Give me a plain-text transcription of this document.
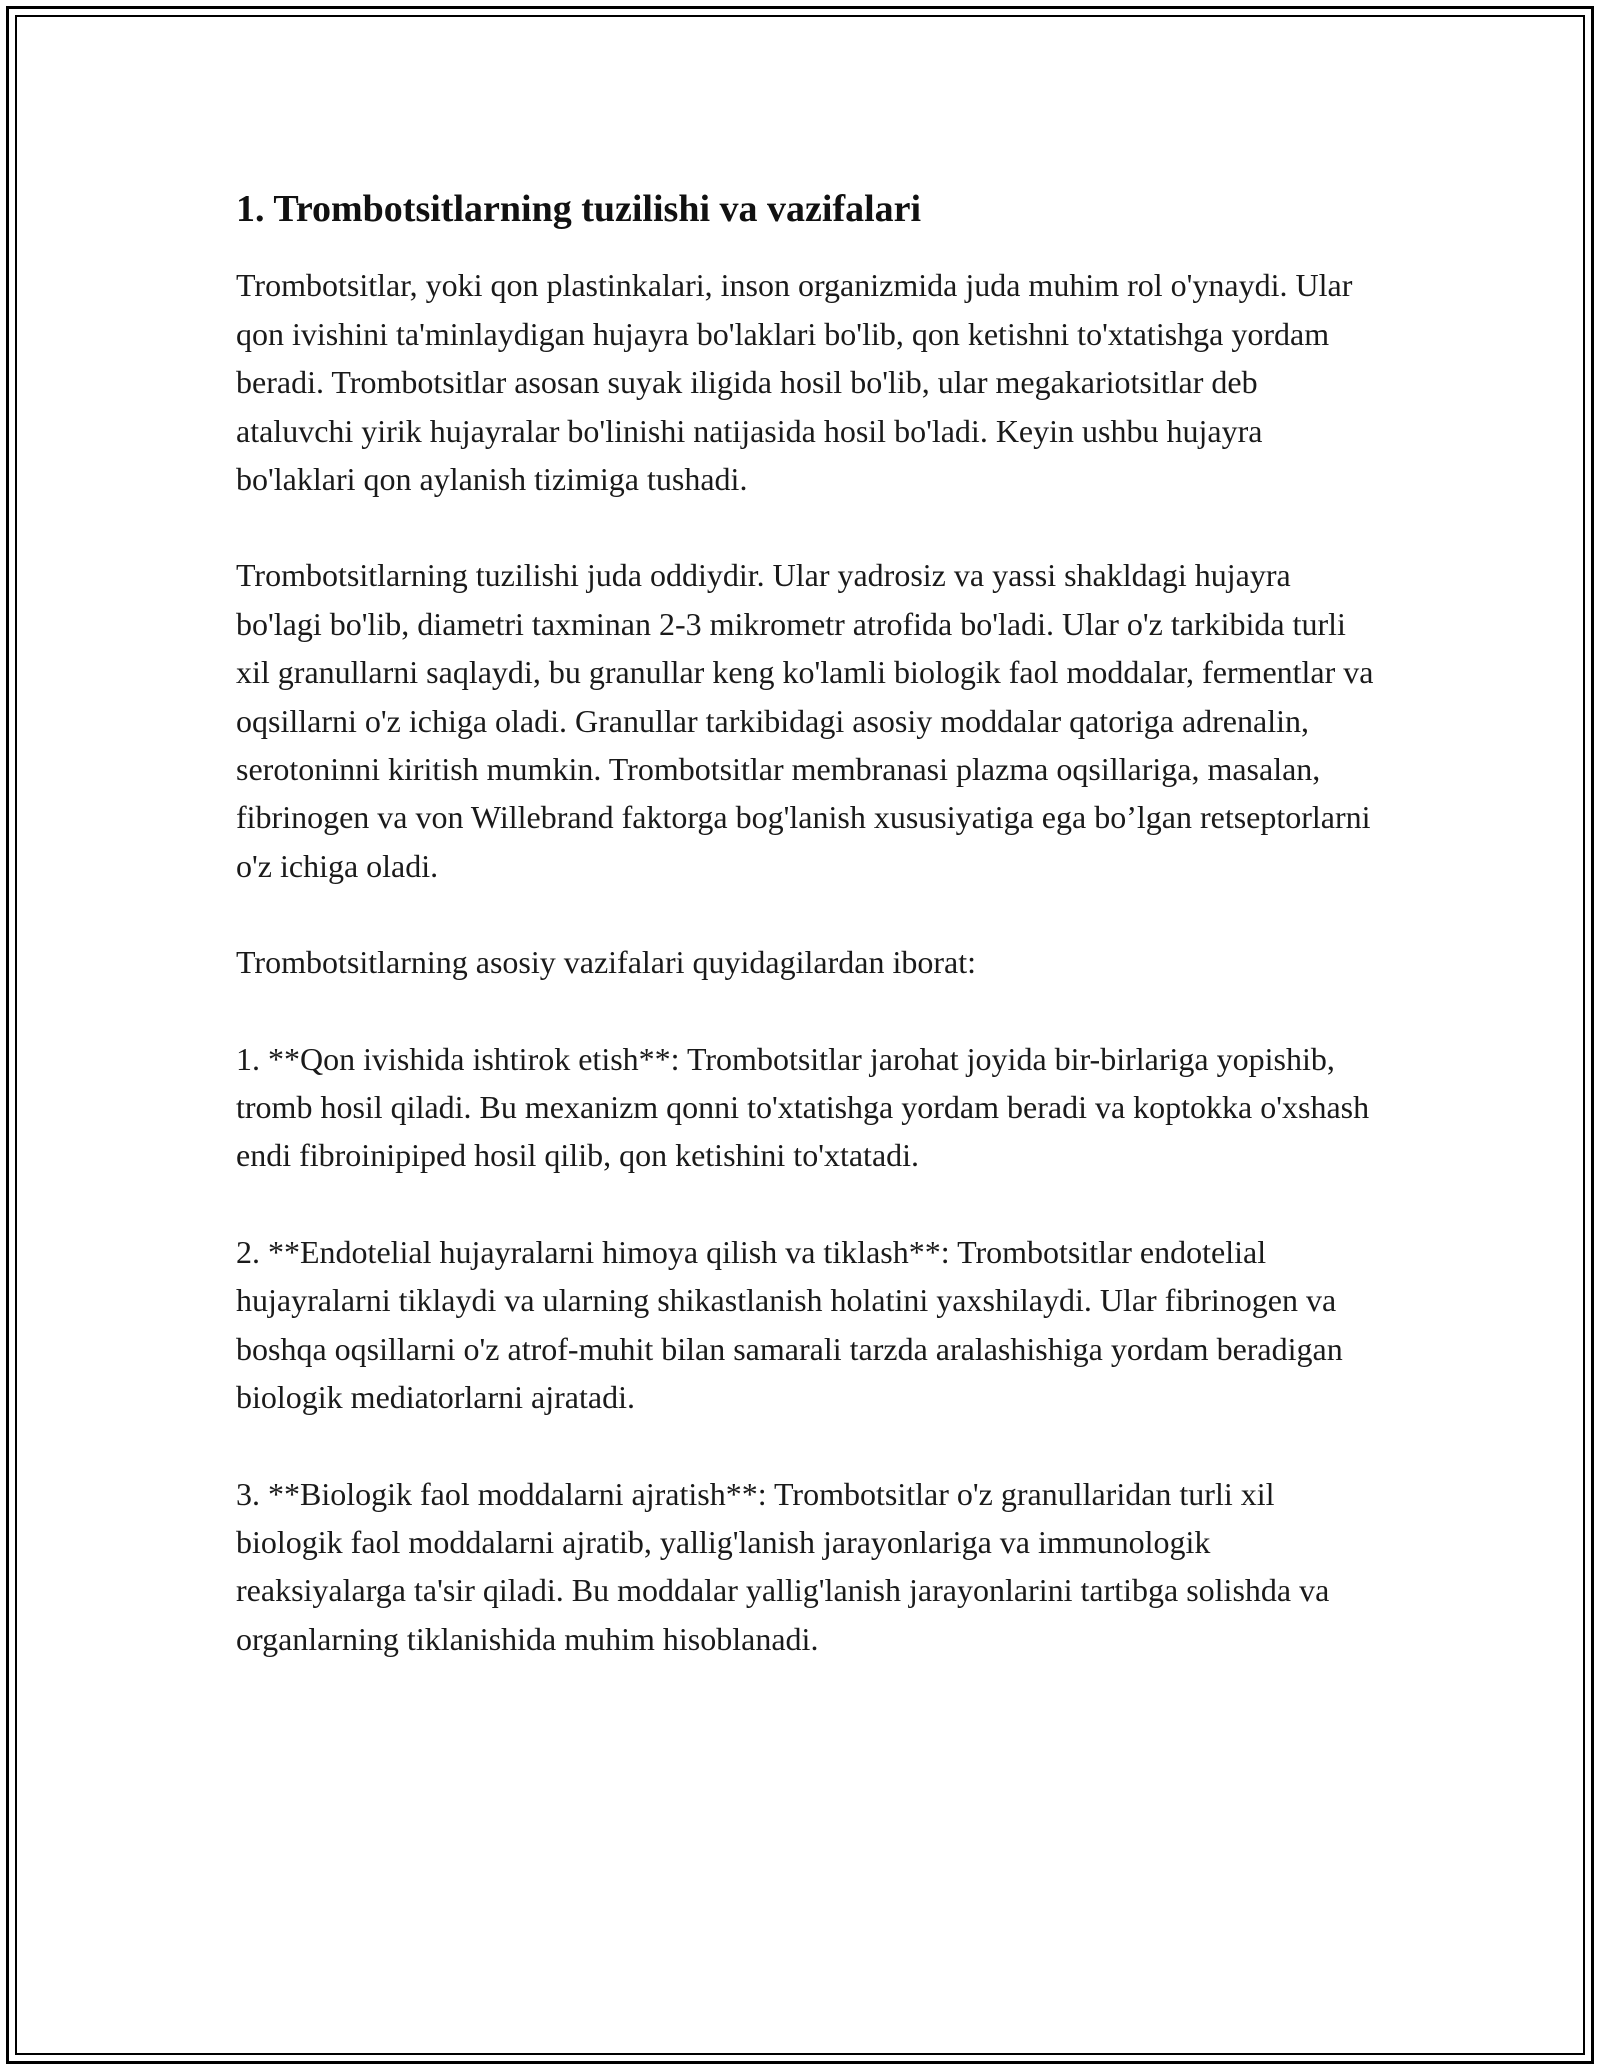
1. Trombotsitlarning tuzilishi va vazifalari

Trombotsitlar, yoki qon plastinkalari, inson organizmida juda muhim rol o'ynaydi. Ular qon ivishini ta'minlaydigan hujayra bo'laklari bo'lib, qon ketishni to'xtatishga yordam beradi. Trombotsitlar asosan suyak iligida hosil bo'lib, ular megakariotsitlar deb ataluvchi yirik hujayralar bo'linishi natijasida hosil bo'ladi. Keyin ushbu hujayra bo'laklari qon aylanish tizimiga tushadi.

Trombotsitlarning tuzilishi juda oddiydir. Ular yadrosiz va yassi shakldagi hujayra bo'lagi bo'lib, diametri taxminan 2-3 mikrometr atrofida bo'ladi. Ular o'z tarkibida turli xil granullarni saqlaydi, bu granullar keng ko'lamli biologik faol moddalar, fermentlar va oqsillarni o'z ichiga oladi. Granullar tarkibidagi asosiy moddalar qatoriga adrenalin, serotoninni kiritish mumkin. Trombotsitlar membranasi plazma oqsillariga, masalan, fibrinogen va von Willebrand faktorga bog'lanish xususiyatiga ega bo’lgan retseptorlarni o'z ichiga oladi.

Trombotsitlarning asosiy vazifalari quyidagilardan iborat:

1. **Qon ivishida ishtirok etish**: Trombotsitlar jarohat joyida bir-birlariga yopishib, tromb hosil qiladi. Bu mexanizm qonni to'xtatishga yordam beradi va koptokka o'xshash endi fibroinipiped hosil qilib, qon ketishini to'xtatadi.

2. **Endotelial hujayralarni himoya qilish va tiklash**: Trombotsitlar endotelial hujayralarni tiklaydi va ularning shikastlanish holatini yaxshilaydi. Ular fibrinogen va boshqa oqsillarni o'z atrof-muhit bilan samarali tarzda aralashishiga yordam beradigan biologik mediatorlarni ajratadi.

3. **Biologik faol moddalarni ajratish**: Trombotsitlar o'z granullaridan turli xil biologik faol moddalarni ajratib, yallig'lanish jarayonlariga va immunologik reaksiyalarga ta'sir qiladi. Bu moddalar yallig'lanish jarayonlarini tartibga solishda va organlarning tiklanishida muhim hisoblanadi.
